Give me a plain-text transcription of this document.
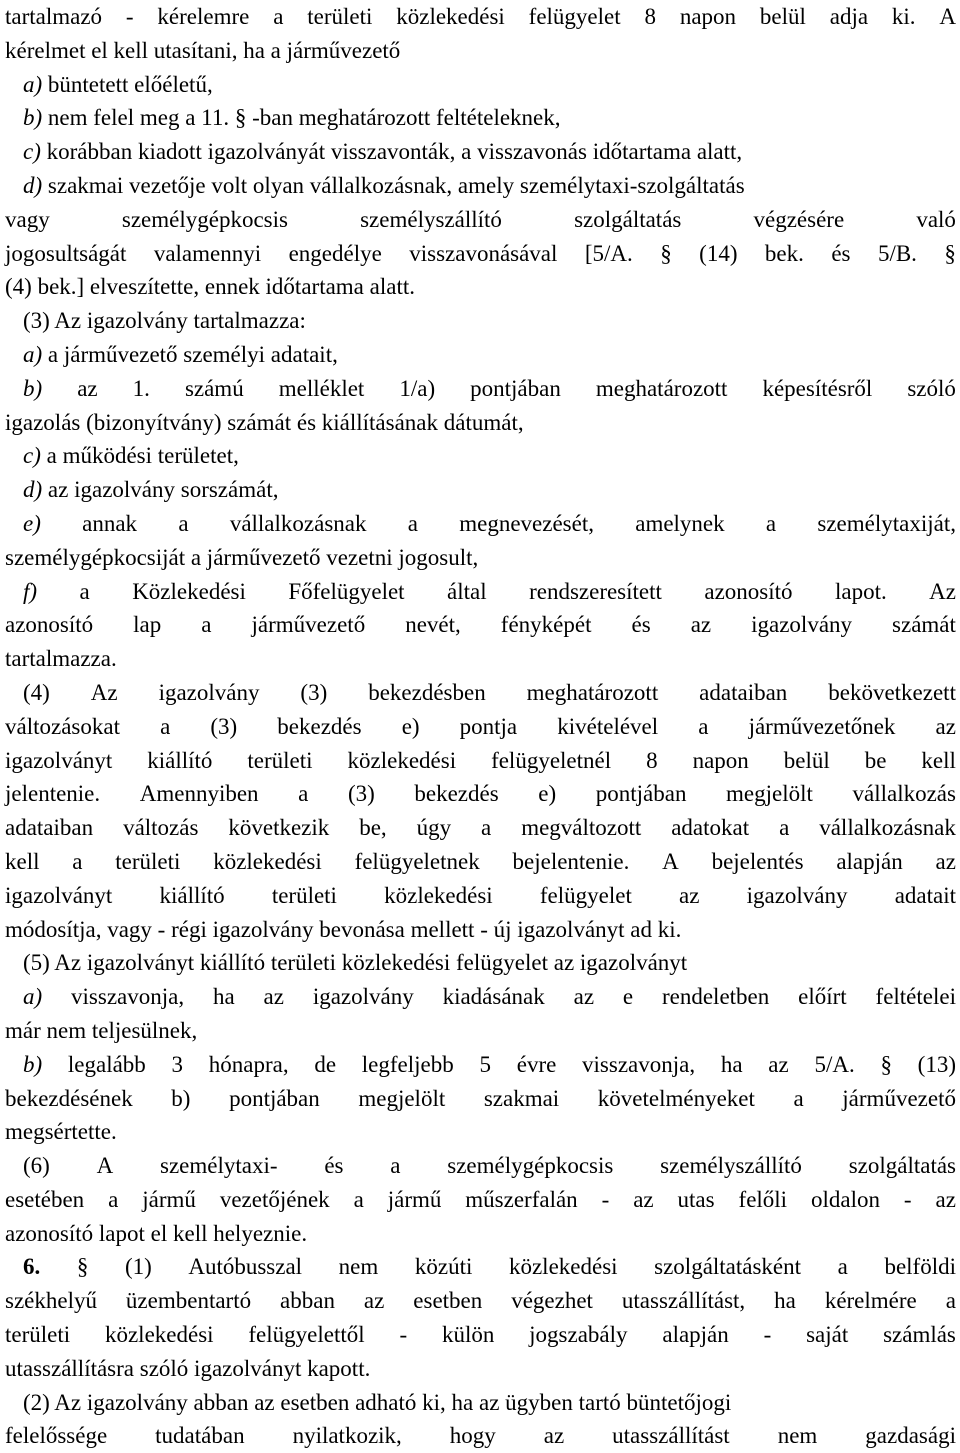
tartalmazó - kérelemre a területi közlekedési felügyelet 8 napon belül adja ki. A
kérelmet el kell utasítani, ha a járművezető
a) büntetett előéletű,
b) nem felel meg a 11. § -ban meghatározott feltételeknek,
c) korábban kiadott igazolványát visszavonták, a visszavonás időtartama alatt,
d) szakmai vezetője volt olyan vállalkozásnak, amely személytaxi-szolgáltatás
vagy	személygépkocsis	személyszállító	szolgáltatás	végzésére	való
jogosultságát valamennyi engedélye visszavonásával [5/A. § (14) bek. és 5/B. §
(4) bek.] elveszítette, ennek időtartama alatt.
(3) Az igazolvány tartalmazza:
a) a járművezető személyi adatait,
b) az 1. számú melléklet 1/a) pontjában meghatározott képesítésről szóló
igazolás (bizonyítvány) számát és kiállításának dátumát,
c) a működési területet,
d) az igazolvány sorszámát,
e) annak a vállalkozásnak a megnevezését, amelynek a személytaxiját,
személygépkocsiját a járművezető vezetni jogosult,
f) a Közlekedési Főfelügyelet által rendszeresített azonosító lapot. Az
azonosító lap a járművezető nevét, fényképét és az igazolvány számát
tartalmazza.
(4) Az igazolvány (3) bekezdésben meghatározott adataiban bekövetkezett
változásokat a (3) bekezdés e) pontja kivételével a járművezetőnek az
igazolványt kiállító területi közlekedési felügyeletnél 8 napon belül be kell
jelentenie. Amennyiben a (3) bekezdés e) pontjában megjelölt vállalkozás
adataiban változás következik be, úgy a megváltozott adatokat a vállalkozásnak
kell a területi közlekedési felügyeletnek bejelentenie. A bejelentés alapján az
igazolványt kiállító területi közlekedési felügyelet az igazolvány adatait
módosítja, vagy - régi igazolvány bevonása mellett - új igazolványt ad ki.
(5) Az igazolványt kiállító területi közlekedési felügyelet az igazolványt
a) visszavonja, ha az igazolvány kiadásának az e rendeletben előírt feltételei
már nem teljesülnek,
b) legalább 3 hónapra, de legfeljebb 5 évre visszavonja, ha az 5/A. § (13)
bekezdésének b) pontjában megjelölt szakmai követelményeket a járművezető
megsértette.
(6) A személytaxi- és a személygépkocsis személyszállító szolgáltatás
esetében a jármű vezetőjének a jármű műszerfalán - az utas felőli oldalon - az
azonosító lapot el kell helyeznie.
6. § (1) Autóbusszal nem közúti közlekedési szolgáltatásként a belföldi
székhelyű üzembentartó abban az esetben végezhet utasszállítást, ha kérelmére a
területi közlekedési felügyelettől - külön jogszabály alapján - saját számlás
utasszállításra szóló igazolványt kapott.
(2) Az igazolvány abban az esetben adható ki, ha az ügyben tartó büntetőjogi
felelőssége tudatában nyilatkozik, hogy az utasszállítást nem gazdasági
